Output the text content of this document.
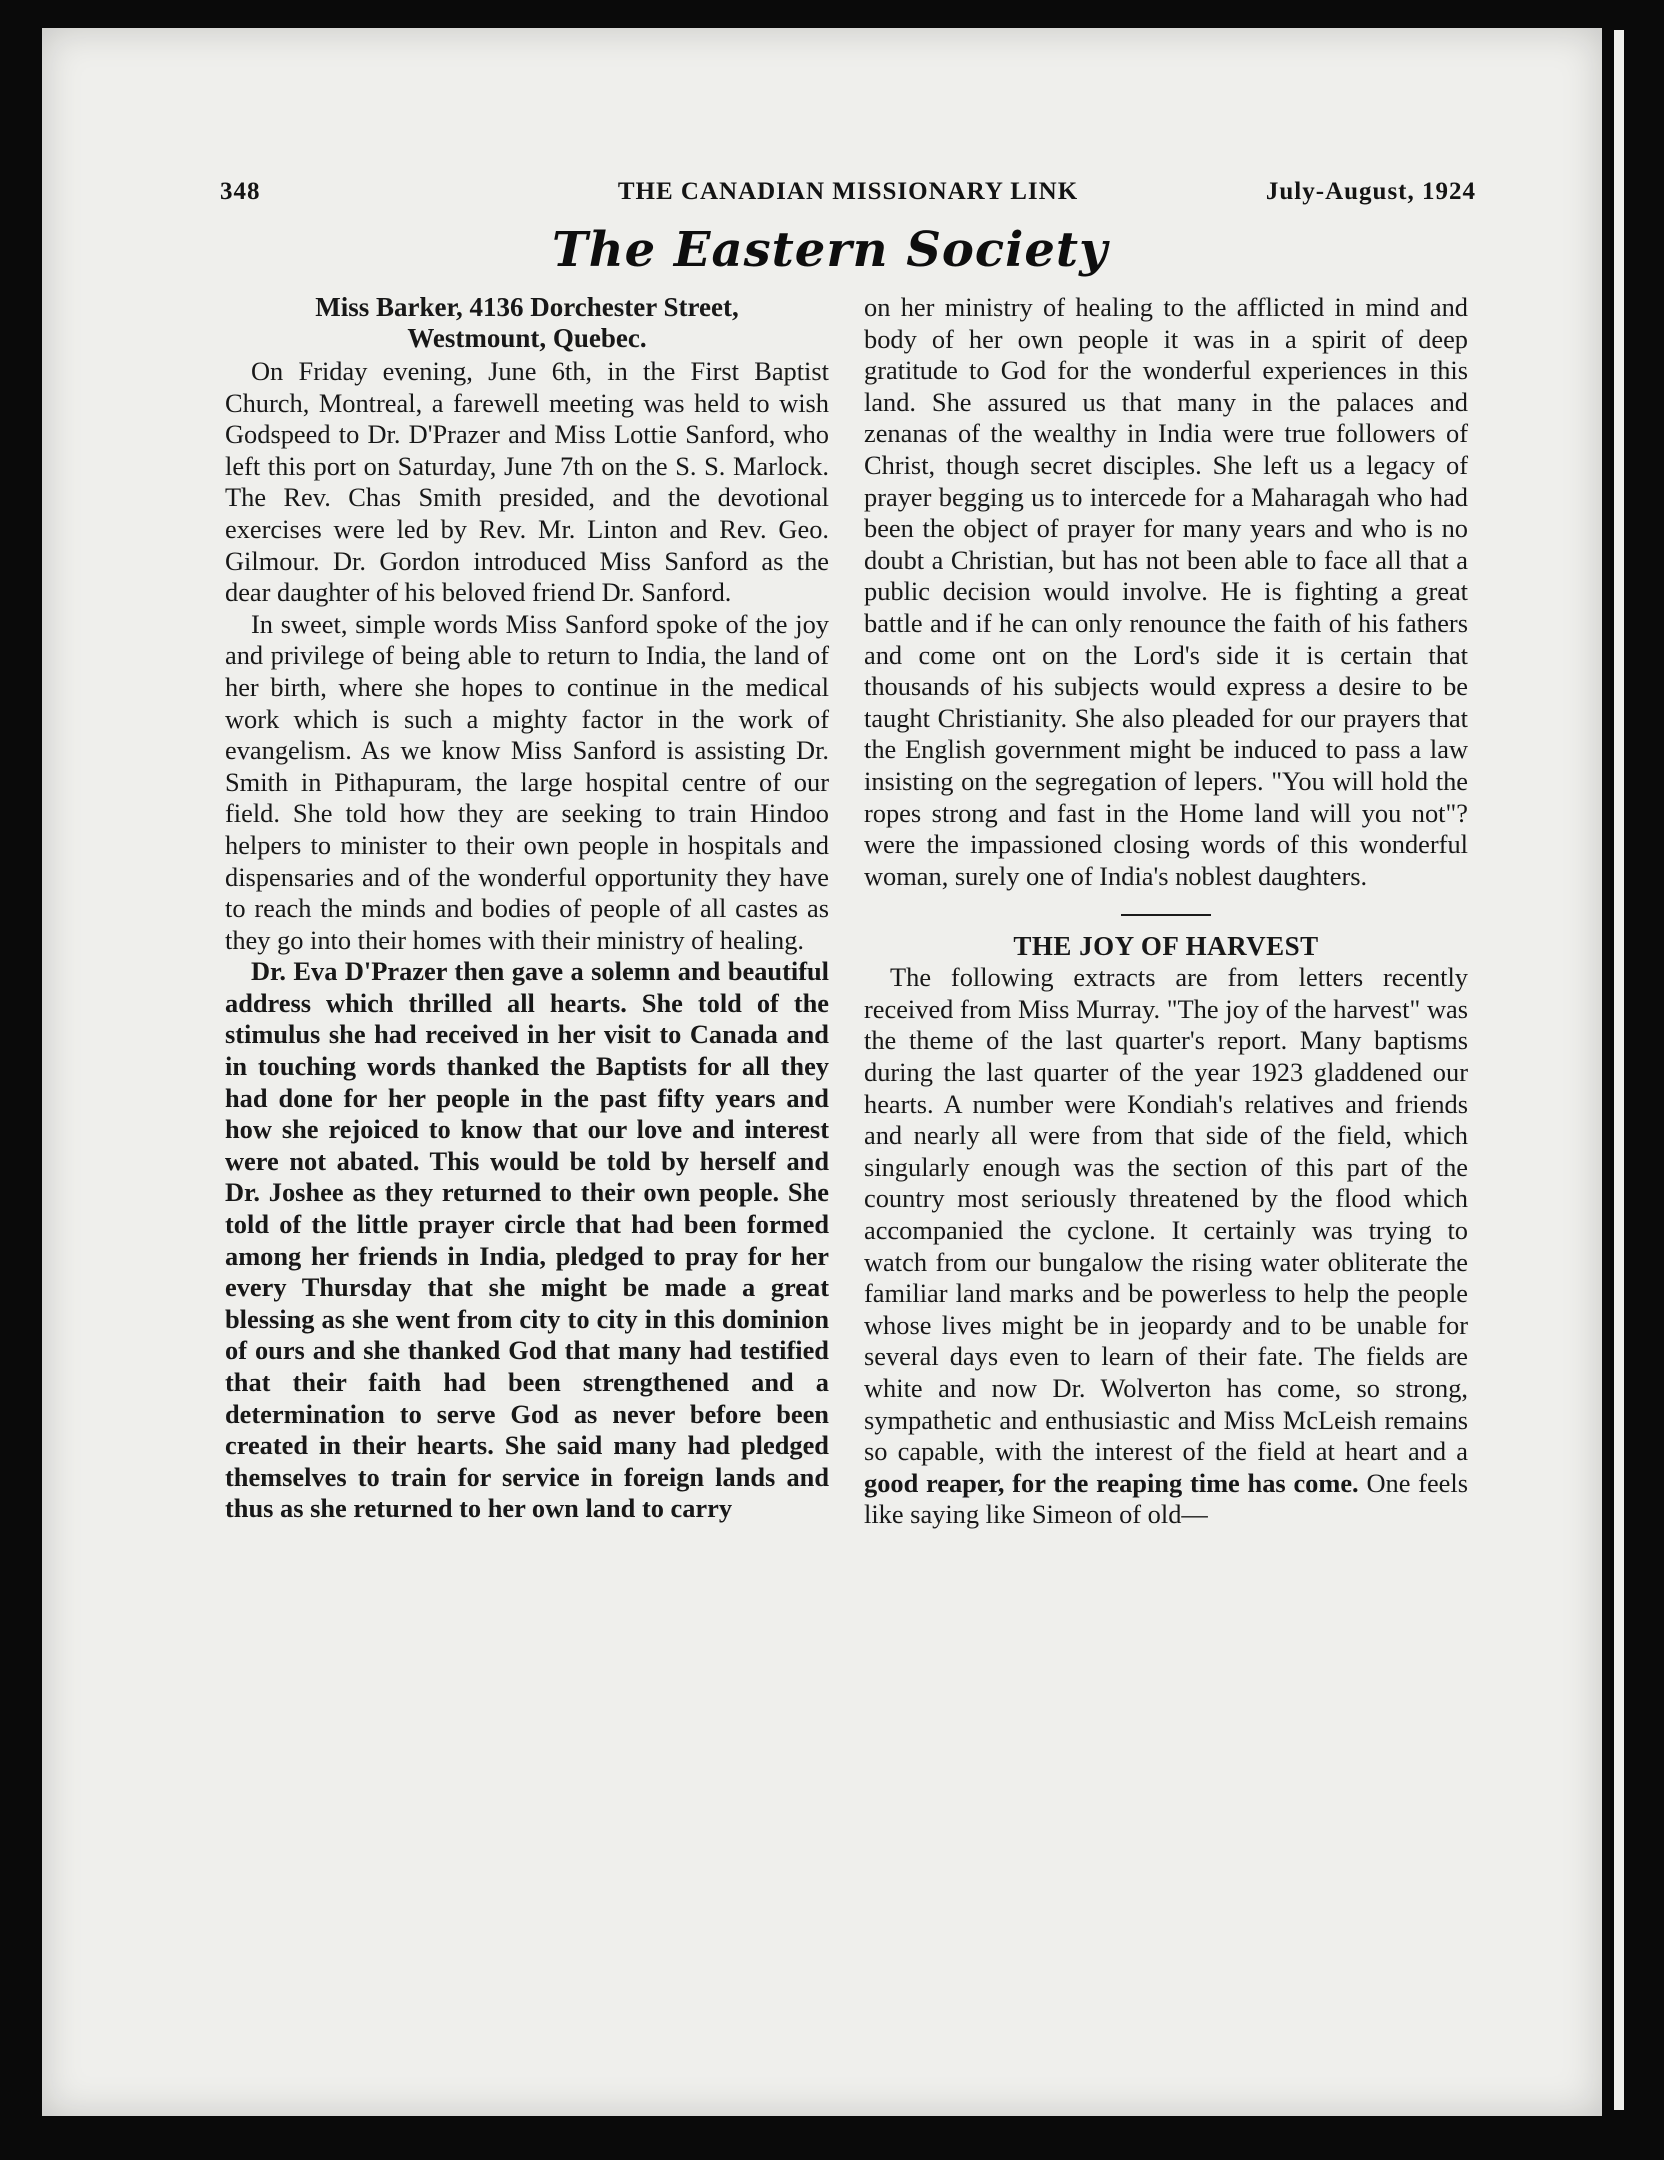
348	THE CANADIAN MISSIONARY LINK	July-August, 1924
The Eastern Society
Miss Barker, 4136 Dorchester Street,
Westmount, Quebec.

On Friday evening, June 6th, in the First Baptist Church, Montreal, a farewell meeting was held to wish Godspeed to Dr. D'Prazer and Miss Lottie Sanford, who left this port on Saturday, June 7th on the S. S. Marlock. The Rev. Chas Smith presided, and the devotional exercises were led by Rev. Mr. Linton and Rev. Geo. Gilmour. Dr. Gordon introduced Miss Sanford as the dear daughter of his beloved friend Dr. Sanford.

In sweet, simple words Miss Sanford spoke of the joy and privilege of being able to return to India, the land of her birth, where she hopes to continue in the medical work which is such a mighty factor in the work of evangelism. As we know Miss Sanford is assisting Dr. Smith in Pithapuram, the large hospital centre of our field. She told how they are seeking to train Hindoo helpers to minister to their own people in hospitals and dispensaries and of the wonderful opportunity they have to reach the minds and bodies of people of all castes as they go into their homes with their ministry of healing.

Dr. Eva D'Prazer then gave a solemn and beautiful address which thrilled all hearts. She told of the stimulus she had received in her visit to Canada and in touching words thanked the Baptists for all they had done for her people in the past fifty years and how she rejoiced to know that our love and interest were not abated. This would be told by herself and Dr. Joshee as they returned to their own people. She told of the little prayer circle that had been formed among her friends in India, pledged to pray for her every Thursday that she might be made a great blessing as she went from city to city in this dominion of ours and she thanked God that many had testified that their faith had been strengthened and a determination to serve God as never before been created in their hearts. She said many had pledged themselves to train for service in foreign lands and thus as she returned to her own land to carry

on her ministry of healing to the afflicted in mind and body of her own people it was in a spirit of deep gratitude to God for the wonderful experiences in this land. She assured us that many in the palaces and zenanas of the wealthy in India were true followers of Christ, though secret disciples. She left us a legacy of prayer begging us to intercede for a Maharagah who had been the object of prayer for many years and who is no doubt a Christian, but has not been able to face all that a public decision would involve. He is fighting a great battle and if he can only renounce the faith of his fathers and come ont on the Lord's side it is certain that thousands of his subjects would express a desire to be taught Christianity. She also pleaded for our prayers that the English government might be induced to pass a law insisting on the segregation of lepers. "You will hold the ropes strong and fast in the Home land will you not"? were the impassioned closing words of this wonderful woman, surely one of India's noblest daughters.

THE JOY OF HARVEST

The following extracts are from letters recently received from Miss Murray. "The joy of the harvest" was the theme of the last quarter's report. Many baptisms during the last quarter of the year 1923 gladdened our hearts. A number were Kondiah's relatives and friends and nearly all were from that side of the field, which singularly enough was the section of this part of the country most seriously threatened by the flood which accompanied the cyclone. It certainly was trying to watch from our bungalow the rising water obliterate the familiar land marks and be powerless to help the people whose lives might be in jeopardy and to be unable for several days even to learn of their fate. The fields are white and now Dr. Wolverton has come, so strong, sympathetic and enthusiastic and Miss McLeish remains so capable, with the interest of the field at heart and a good reaper, for the reaping time has come. One feels like saying like Simeon of old—
